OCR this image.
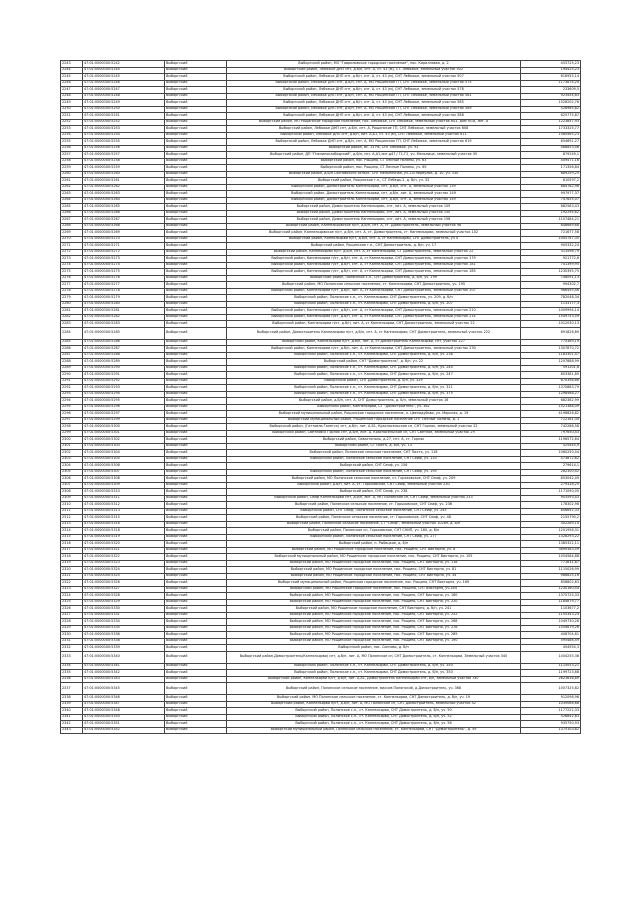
2243	47:01:0000000:5242	Выборгский	Выборгский район, МО "Гавриловское городское поселение", пос. Кирилловка, д. 2	453725,23
2244	47:01:0000000:5244	Выборгский	Выборгский район, Лебяжье ДНП снт, д.б/н, снт. А, ст. 43 (м), СТ. Лебяжье, земельный участок 502	194425,23
2245	47:01:0000000:5245	Выборгский	Выборгский район, Лебяжье ДНП снт, д.б/н, снт. А, ст. 43 (м), СНТ Лебяжье, земельный участок 507	616955,14
2246	47:01:0000000:5246	Выборгский	Выборгский район, Лебяжье ДНП снт, д.б/н, снт. А, МО Рощинское ГП, СНТ Лебяжье, земельный участок 575	1173874,24
2247	47:01:0000000:5247	Выборгский	Выборгский район, Лебяжье ДНП снт, д.б/н, снт. А, ст. 43 (м), СНТ Лебяжье, земельный участок 578	233609,5
2248	47:01:0000000:5248	Выборгский	Выборгский район, Лебяжье ДНП снт, д.б/н, снт. А, МО Рощинское ГП, СНТ Лебяжье, земельный участок 581	923454,83
2249	47:01:0000000:5249	Выборгский	Выборгский район, Лебяжье ДНП снт, д.б/н, снт. А, ст. 43 (м), СНТ Лебяжье, земельный участок 585	1528202,76
2250	47:01:0000000:5250	Выборгский	Выборгский район, Лебяжье ДНП снт, д.б/н, снт. А, МО Рощинское ГП, СНТ Лебяжье, земельный участок 589	526965,82
2251	47:01:0000000:5251	Выборгский	Выборгский район, Лебяжье ДНП снт, д.б/н, снт. А, ст. 43 (м), СНТ Лебяжье, земельный участок 588	625775,87
2252	47:01:0000000:5252	Выборгский	Выборгский район, МО Рощинское городское поселение, пос. Лебяжье, СНТ Лебяжье, земельный участок 603, дом 9/18, лит. А	1223857,93
2253	47:01:0000000:5253	Выборгский	Выборгский район, Лебяжье ДНП снт, д.б/н, снт. А, Рощинское ГП, СНТ Лебяжье, земельный участок 608	1733325,77
2254	47:01:0000000:5254	Выборгский	Выборгский район, Лебяжье ДНП снт, д.б/н, лит. А,Б1, ст. 43 (м), СНТ Лебяжье, земельный участок 611	1580465,23
2255	47:01:0000000:5255	Выборгский	Выборгский район, Лебяжье ДНП снт, д.б/н, снт. А, МО Рощинское ГП, СНТ Лебяжье, земельный участок 619	654691,27
2256	47:01:0000000:5256	Выборгский	Выборгский район, вс. 13 пк, СНТ Лебяжье, уч. 93	468853,46
2257	47:01:0000000:5257	Выборгский	Выборгский район, ДП "Пчелинослободский", д.б/н, снт. А,А1,лит.д47 / Г1-Г2, уч. Мельница, земельный участок 45	879249,1
2258	47:01:0000000:5258	Выборгский	Выборгский район, пос. Рощино, СТ Лесные поляны, уч. 63	409471,16
2259	47:01:0000000:5259	Выборгский	Выборгский район, пос. Рощино, СТ Лесные Поляны, уч. 65	171356,84
2260	47:01:0000000:5260	Выборгский	Выборгский район, д.б/н Сосновского сельск. СНТ Мельничная, уч.1-й переулок, д. 10, уч. 330	689259,25
2261	47:01:0000000:5261	Выборгский	Выборгский район, Рощинское г.п., СТ Лебедь-2, д. б/н, уч. 33	610597,2
2262	47:01:0000000:5262	Выборгский	Выборгский район, Домостроитель Каннельярви, снт, д.б/н, снт. А, земельный участок 139	884782,98
2263	47:01:0000000:5263	Выборгский	Выборгский район, Домостроитель Каннельярви, снт, д.б/н, лит. А, земельный участок 149	997977,37
2264	47:01:0000000:5264	Выборгский	Выборгский район, Домостроитель Каннельярви, снт, д.б/н, снт. А, земельный участок 159	747655,07
2265	47:01:0000000:5265	Выборгский	Выборгский район, Домостроитель Каннельярви, снт, лит. А, земельный участок 109	882563,43
2266	47:01:0000000:5266	Выборгский	Выборгский район, Домостроитель Каннельярви, снт, лит. А, земельный участок 150	192294,62
2267	47:01:0000000:5267	Выборгский	Выборгский район, Домостроитель Каннельярви, снт, лит. А, земельный участок 156	1107484,21
2268	47:01:0000000:5268	Выборгский	Выборгский район, Каннельярвское п/ст, д.б/н, снт. А, ст. Домостроитель, земельный участок 98	848689,68
2269	47:01:0000000:5269	Выборгский	Выборгский район, Каннельярвское п/ст, д.б/н, снт. А, ст. Домостроитель, ст. Каннельярви, земельный участок 102	721677,58
2270	47:01:0000000:5270	Выборгский	Выборгский район, Каннельярви п/ст, д.б/н, снт. А, ст Каннельярви, СНТ Домостроитель, уч 4	1005747,35
2271	47:01:0000000:5271	Выборгский	Выборгский район, Рощинское г.п., СНТ Домостроитель, д. б/н, уч. 17	905332,24
2272	47:01:0000000:5272	Выборгский	Выборгский район, Каннельярви п/ст, д.б/н, снт. А, ст Каннельярви, СТ Домостроитель, земельный участок 22	313596,79
2273	47:01:0000000:5273	Выборгский	Выборгский район, Каннельярви п/ст, д.б/н, снт. А, ст Каннельярви, СНТ Домостроитель, земельный участок 179	921772,6
2274	47:01:0000000:5274	Выборгский	Выборгский район, Каннельярви п/ст, д.б/н, снт. А, ст Каннельярви, СНТ Домостроитель, земельный участок 181	741399,95
2275	47:01:0000000:5275	Выборгский	Выборгский район, Каннельярви п/ст, д.б/н, снт. А, ст Каннельярви, СНТ Домостроитель, земельный участок 185	1230395,75
2276	47:01:0000000:5276	Выборгский	Выборгский район, Полянское с.п., СНТ Домостроитель, д. б/н, уч. 199	748091,13
2277	47:01:0000000:5277	Выборгский	Выборгский район, МО Полянское сельское поселение, ст. Каннельярви, СНТ Домостроитель, уч. 195	994302,7
2278	47:01:0000000:5278	Выборгский	Выборгский район, Каннельярви п/ст, д.б/н, лит. А, ст Каннельярви, СНТ Домостроитель, земельный участок 207	966495,46
2279	47:01:0000000:5279	Выборгский	Выборгский район, Полянское с.п., ст. Каннельярви, СНТ Домостроитель, уч. 209, д. б/н	782048,34
2280	47:01:0000000:5280	Выборгский	Выборгский район, Полянское с.п., ст. Каннельярви, СНТ Домостроитель, д. б/н, уч. 207	1133177,3
2281	47:01:0000000:5281	Выборгский	Выборгский район, Каннельярви п/ст, д.б/н, снт. А, ст Каннельярви, СНТ Домостроитель, земельный участок 210	1009994,14
2282	47:01:0000000:5282	Выборгский	Выборгский район, Каннельярви п/ст, д.б/н, снт. А, ст Каннельярви, СНТ Домостроитель, земельный участок 214	1549753,59
2283	47:01:0000000:5283	Выборгский	Выборгский район, Каннельярви п/ст, д.б/н, лит. А, ст Каннельярви, СНТ Домостроитель, земельный участок 22	1012030,13
2284	47:01:0000000:5285	Выборгский	Выборгский район, Домостроитель Каннельярви п/ст, д.б/н, снт. А, ст Каннельярви, СНТ Домостроитель, земельный участок 222	891826,89
2285	47:01:0000000:5286	Выборгский	Выборгский район, Каннельярви п/ст, д.б/н, лит. А, ст Домостроитель Каннельярви, снт, участок 227	775389,19
2286	47:01:0000000:5287	Выборгский	Выборгский район, Каннельярви п/ст, д.б/н, лит. А, ст Каннельярви, СНТ Домостроитель, земельный участок 230	1307870,72
2287	47:01:0000000:5288	Выборгский	Выборгский район, Полянское с.п., ст. Каннельярви, СНТ Домостроитель, д. б/н, уч. 236	1183301,47
2288	47:01:0000000:5289	Выборгский	Выборгский район, СНТ "Домостроитель", д. б/н, уч. 22	1207888,99
2289	47:01:0000000:5290	Выборгский	Выборгский район, Полянское с.п., ст. Каннельярви, СНТ Домостроитель, д. б/н, уч. 244	591201,8
2290	47:01:0000000:5291	Выборгский	Выборгский район, Полянское с.п., ст. Каннельярви, СНТ Домостроитель, д. б/н, уч. 247	803381,89
2291	47:01:0000000:5292	Выборгский	Выборгский район, СНТ Домостроитель, д. б/н, уч. 329	670398,86
2292	47:01:0000000:5293	Выборгский	Выборгский район, Полянское с.п., ст. Каннельярви, СНТ Домостроитель, д. б/н, уч. 311	1370883,79
2293	47:01:0000000:5294	Выборгский	Выборгский район, Полянское с.п., ст. Каннельярви, СНТ Домостроитель, д. б/н, уч. 375	1298468,27
2294	47:01:0000000:5295	Выборгский	Выборгский район, д.б/н, снт. А, СНТ Домостроитель, д. б/н, земельный участок 16	682382,99
2295	47:01:0000000:5296	Выборгский	Выборгский район, Каннельярви, СТ "Домостроитель", уч. 362	1521388,09
2296	47:01:0000000:5297	Выборгский	Выборгский муниципальный район, Рощинское городское поселение, п. Цвелодубово, ул. Морская, д. 19	4198826,82
2297	47:01:0000000:5299	Выборгский	Выборгский муниципальный район, Рощинское городское поселение СНТ Лесные Поляны, д. 1	712161,34
2298	47:01:0000000:5300	Выборгский	Выборгский район, (Гаттовла Ганнгск) снт, д.б/н, лит. А,Б1, Красносельское сп, СНТ Горняк, земельный участок 22	742286,58
2299	47:01:0000000:5301	Выборгский	Выборгский район, Светловск Горняк снт, д.б/н, лит. А, Красносельское сп, СНТ Светлое, земельный участок 29	797650,43
2300	47:01:0000000:5302	Выборгский	Выборгский район, Севастополь, д.27, снт. А, ст. Горняк	1196572,64
2301	47:01:0000000:5303	Выборгский	Выборгский район, СТ Пихтъ, д. б/н, уч. 13	525445,9
2302	47:01:0000000:5304	Выборгский	Выборгский район, Полянское сельское поселение, СНТ Пихтъ, уч. 118	1060250,44
2303	47:01:0000000:5305	Выборгский	Выборгский район, Полянское сельское поселение, СНТ Сеиф, уч. 133	573872,62
2304	47:01:0000000:5306	Выборгский	Выборгский район, СНТ Сеиф, уч. 156	279614,1
2305	47:01:0000000:5307	Выборгский	Выборгский район, Полянское сельское поселение, СНТ Сеиф, уч. 195	262300,42
2306	47:01:0000000:5308	Выборгский	Выборгский район, МО Полянское сельское поселение, ст. Горьковское, СНТ Сеиф, уч. 209	653042,49
2307	47:01:0000000:5309	Выборгский	Выборгский район, д.б/н, лит. А, ст. Горьковское, СНТ Сеиф, земельный участок 230	279328,25
2308	47:01:0000000:5310	Выборгский	Выборгский район, СНТ Сеиф, уч. 238	1171090,05
2309	47:01:0000000:5311	Выборгский	Выборгский район, Сеиф Каннельярви снт, д.б/н, лит. А, МО Полянское сп, СНТ Сеиф, земельный участок 233	903593,43
2310	47:01:0000000:5312	Выборгский	Выборгский район, Полянское сельское поселение, ст. Горьковское, СНТ Сеиф, уч. 236	178302,96
2311	47:01:0000000:5313	Выборгский	Выборгский район, СНТ Сеиф, Полянское сельское поселение, СНТ Сеиф, уч. 245	806642,33
2312	47:01:0000000:5315	Выборгский	Выборгский район, Полянское сельское поселение, ст. Горьковское, СНТ Сеиф, уч. 48	2155790,2
2313	47:01:0000000:5316	Выборгский	Выборгский район, Полянское сельское поселение, СТ "Сеиф", земельный участок 10289, д. б/н	302289,14
2314	47:01:0000000:5318	Выборгский	Выборгский район, Полянское сп, Горьковское, СНТ СНИП, уч. 180, д. б/н	1201958,31
2315	47:01:0000000:5319	Выборгский	Выборгский район, Полянское сельское поселение, СНТ Сеиф, уч. 277	1328293,22
2316	47:01:0000000:5320	Выборгский	Выборгский район, п. Рыбацкое, д. б/н	1385322,11
2317	47:01:0000000:5321	Выборгский	Выборгский район, МО Рощинское городское поселение, пос. Рощино, СНТ Викторня, уч. 8	3899383,59
2318	47:01:0000000:5322	Выборгский	Выборгский муниципальный район, МО Рощинское городское поселение, пос. Рощино, СНТ Викторня, уч. 105	1054584,88
2319	47:01:0000000:5323	Выборгский	Выборгский район, МО Рощинское городское поселение, пос. Рощино, СНТ Викторня, уч. 118	771631,87
2320	47:01:0000000:5324	Выборгский	Выборгский район, МО Рощинское городское поселение, пос. Рощино, СНТ Викторня, уч. 81	1115026,99
2321	47:01:0000000:5325	Выборгский	Выборгский район, МО Рощинское городское поселение, пос. Рощино, СНТ Викторня, уч. 34	986825,16
2322	47:01:0000000:5326	Выборгский	Выборгский муниципальный район, Рощинское городское поселение, пос. Рощино, СНТ Викторня, уч. 169	858802,63
2323	47:01:0000000:5327	Выборгский	Выборгский район, МО Рощинское городское поселение, пос. Рощино, СНТ Викторня, уч.164	1230160,44
2324	47:01:0000000:5328	Выборгский	Выборгский район, МО Рощинское городское поселение, пос. Рощино, СНТ Викторня, уч. 160	1375725,33
2325	47:01:0000000:5329	Выборгский	Выборгский район, МО Рощинское городское поселение, пос. Рощино, СНТ Викторня, уч. 220	1184879,77
2326	47:01:0000000:5330	Выборгский	Выборгский район, МО Рощинское городское поселение, СНТ Викторня, д. б/н, уч. 241	1103677,2
2327	47:01:0000000:5331	Выборгский	Выборгский район, МО Рощинское городское поселение, пос. Рощино, СНТ Викторня, уч. 252	1155343,24
2328	47:01:0000000:5334	Выборгский	Выборгский район, МО Рощинское городское поселение, пос. Рощино, СНТ Викторня, уч. 268	1049730,26
2329	47:01:0000000:5335	Выборгский	Выборгский район, МО Рощинское городское поселение, пос. Рощино, СНТ Викторня, уч. 278	1554679,26
2330	47:01:0000000:5336	Выборгский	Выборгский район, МО Рощинское городское поселение, пос. Рощино, СНТ Викторня, уч. 289	408704,61
2331	47:01:0000000:5338	Выборгский	Выборгский район, МО Рощинское городское поселение, пос. Рощино, СНТ Викторня, уч. 190	595486,49
2332	47:01:0000000:5339	Выборгский	Выборгский район, пос. Сосново, д. б/н	454954,3
2333	47:01:0000000:5340	Выборгский	Выборгский район,Домостроитель(Каннельярви) снт, д.б/н, лит. А, МО Полянское сп, СНТ Домостроитель, ст. Каннельярви, Земельный участок 345	1404255,38
2334	47:01:0000000:5341	Выборгский	Выборгский район, Полянское с.п., ст. Каннельярви, СНТ Домостроитель, д. б/н, уч. 350	1115053,21
2335	47:01:0000000:5342	Выборгский	Выборгский район, Полянское с.п., ст. Каннельярви, СНТ Домостроитель, д. б/н, уч. 350	1199723,68
2336	47:01:0000000:5343	Выборгский	Выборгский район, Каннельярви п/ст, д.б/н, лит. А,А1, Домостроитель Каннельярви снт, б/н, земельный участок 367	2623836,89
2337	47:01:0000000:5345	Выборгский	Выборгский район, Полянское сельское поселение, массив Полянский, д.Домостроитель, уч. 368	1007325,82
2338	47:01:0000000:5346	Выборгский	Выборгский район, МО Полянское сельское поселение, ст. Каннельярви, СНТ Домостроитель, д. б/н, уч. 19	912098,96
2339	47:01:0000000:5347	Выборгский	Выборгский район, Каннельярви п/ст, д.б/н, лит. А, МО Полянское сп, СНТ Домостроитель, земельный участок 42	1039066,68
2340	47:01:0000000:5348	Выборгский	Выборгский район, Полянское с.п., ст. Каннельярви, СНТ Домостроитель, д. б/н, уч. 50	1177222,33
2341	47:01:0000000:5350	Выборгский	Выборгский район, Полянское с.п., ст. Каннельярви, СНТ Домостроитель, д. б/н, уч. 52	526842,83
2342	47:01:0000000:5351	Выборгский	Выборгский район, Полянское с.п., ст. Каннельярви, СНТ Домостроитель, д. б/н, уч. 56	935750,93
2343	47:01:0000000:5352	Выборгский	Выборгский муниципальный район, Полянское сельское поселение, ст. Каннельярви, СНТ "Домостроитель", д. 59	1375103,82
